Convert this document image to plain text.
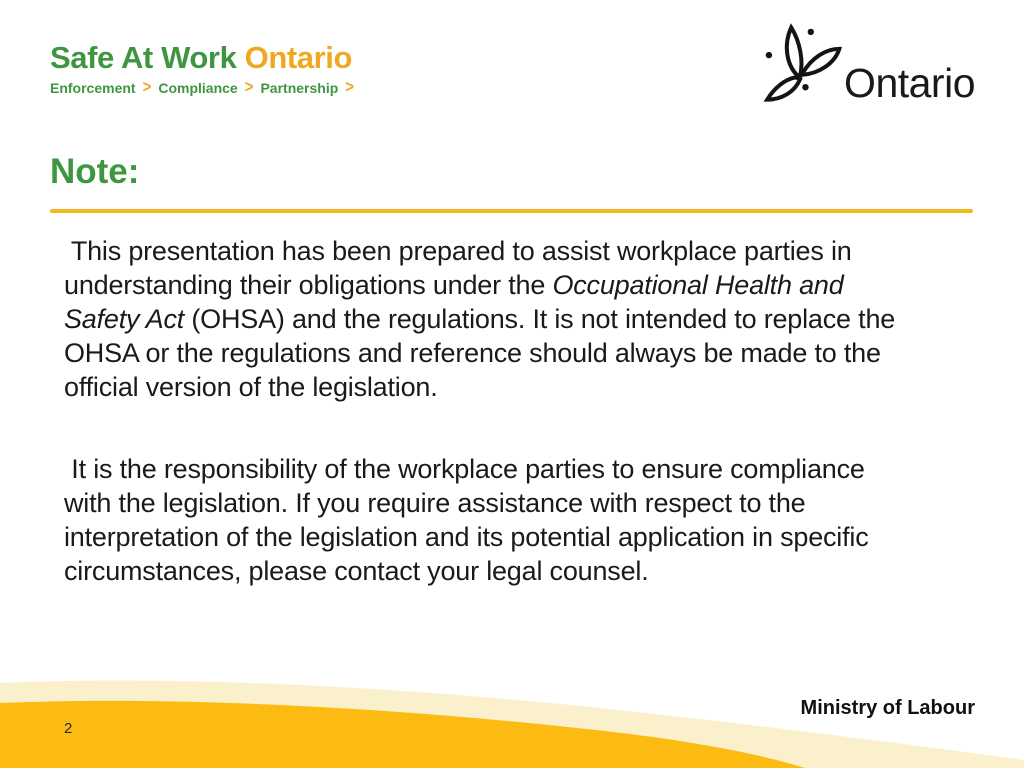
Safe At Work Ontario
Enforcement > Compliance > Partnership >	Ontario
Note:
This presentation has been prepared to assist workplace parties in
understanding their obligations under the Occupational Health and
Safety Act (OHSA) and the regulations. It is not intended to replace the
OHSA or the regulations and reference should always be made to the
official version of the legislation.
It is the responsibility of the workplace parties to ensure compliance
with the legislation. If you require assistance with respect to the
interpretation of the legislation and its potential application in specific
circumstances, please contact your legal counsel.
Ministry of Labour
2
